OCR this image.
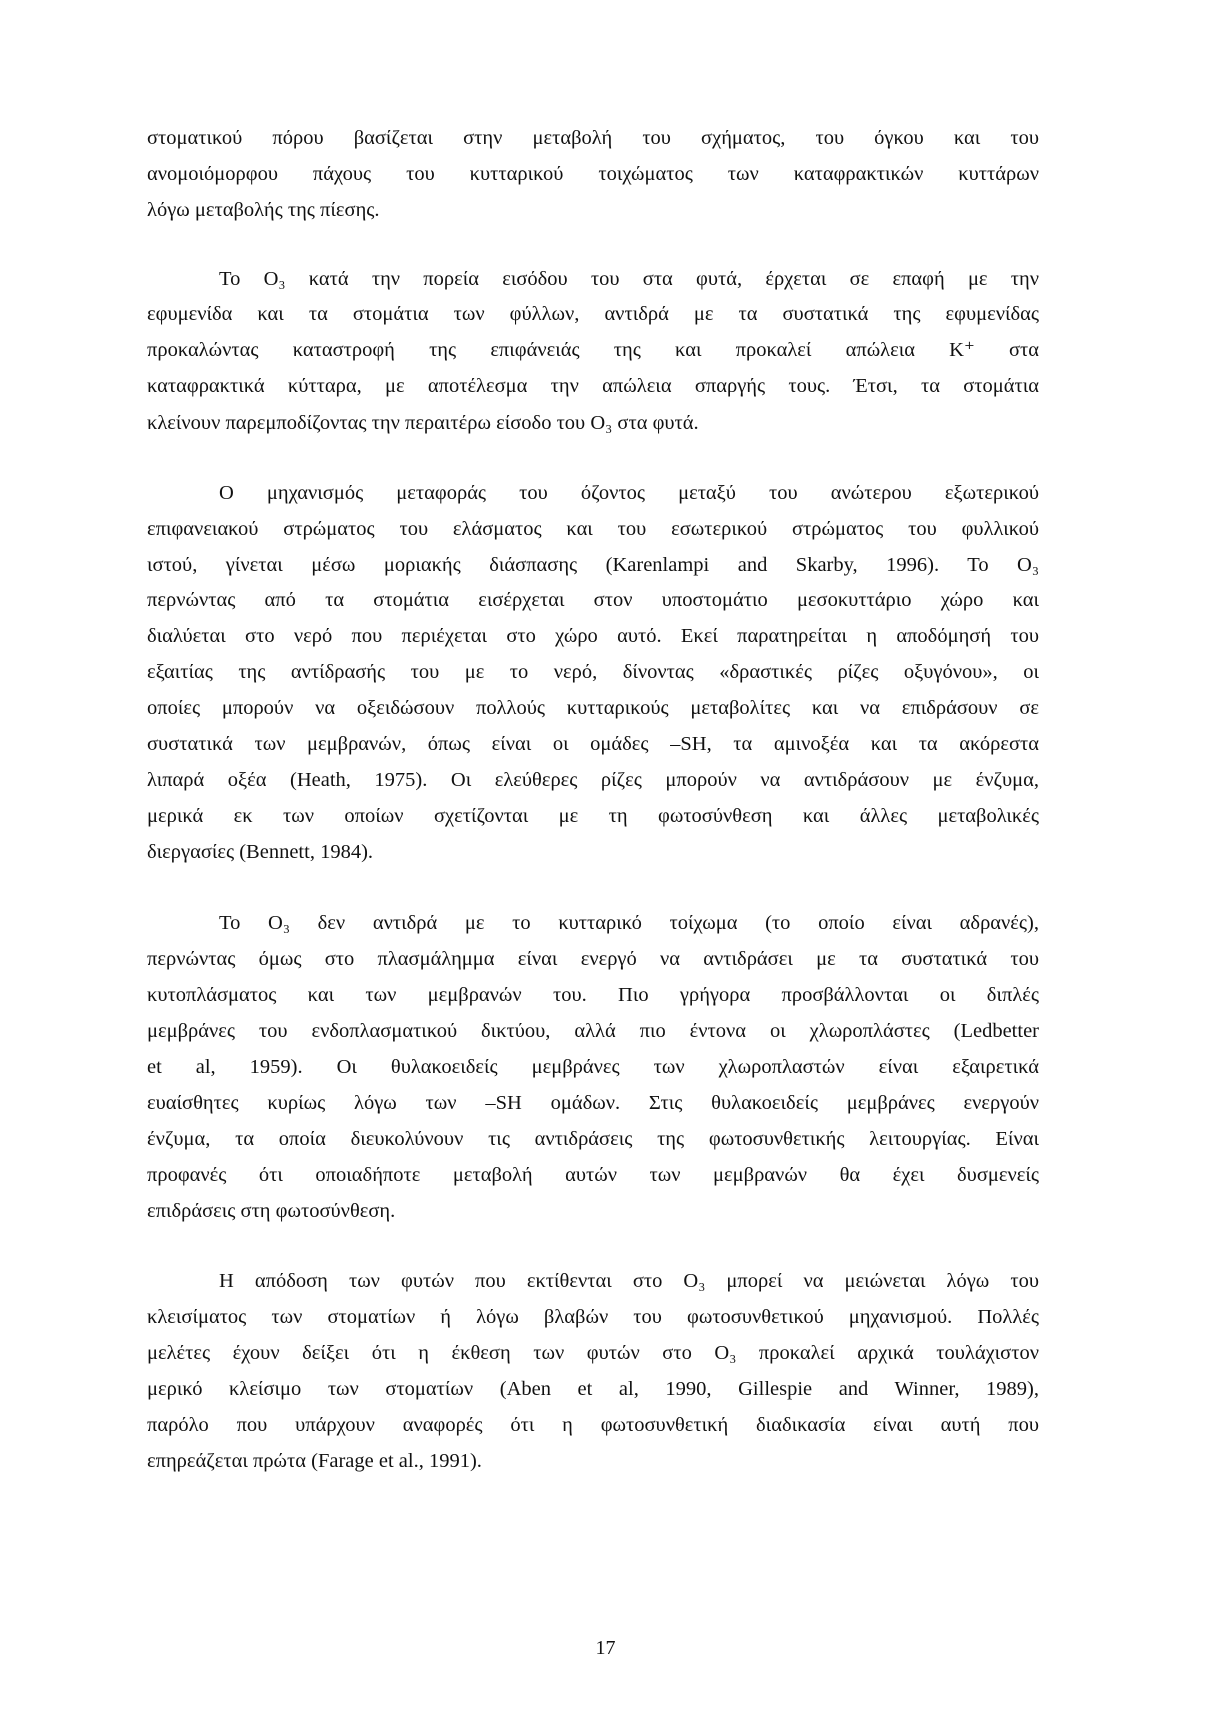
στοματικού πόρου βασίζεται στην μεταβολή του σχήματος, του όγκου και του
ανομοιόμορφου πάχους του κυτταρικού τοιχώματος των καταφρακτικών κυττάρων
λόγω μεταβολής της πίεσης.
Το O₃ κατά την πορεία εισόδου του στα φυτά, έρχεται σε επαφή με την
εφυμενίδα και τα στομάτια των φύλλων, αντιδρά με τα συστατικά της εφυμενίδας
προκαλώντας καταστροφή της επιφάνειάς της και προκαλεί απώλεια K⁺ στα
καταφρακτικά κύτταρα, με αποτέλεσμα την απώλεια σπαργής τους. Έτσι, τα στομάτια
κλείνουν παρεμποδίζοντας την περαιτέρω είσοδο του O₃ στα φυτά.
Ο μηχανισμός μεταφοράς του όζοντος μεταξύ του ανώτερου εξωτερικού
επιφανειακού στρώματος του ελάσματος και του εσωτερικού στρώματος του φυλλικού
ιστού, γίνεται μέσω μοριακής διάσπασης (Karenlampi and Skarby, 1996). Το O₃
περνώντας από τα στομάτια εισέρχεται στον υποστομάτιο μεσοκυττάριο χώρο και
διαλύεται στο νερό που περιέχεται στο χώρο αυτό. Εκεί παρατηρείται η αποδόμησή του
εξαιτίας της αντίδρασής του με το νερό, δίνοντας «δραστικές ρίζες οξυγόνου», οι
οποίες μπορούν να οξειδώσουν πολλούς κυτταρικούς μεταβολίτες και να επιδράσουν σε
συστατικά των μεμβρανών, όπως είναι οι ομάδες –SH, τα αμινοξέα και τα ακόρεστα
λιπαρά οξέα (Heath, 1975). Οι ελεύθερες ρίζες μπορούν να αντιδράσουν με ένζυμα,
μερικά εκ των οποίων σχετίζονται με τη φωτοσύνθεση και άλλες μεταβολικές
διεργασίες (Bennett, 1984).
Το O₃ δεν αντιδρά με το κυτταρικό τοίχωμα (το οποίο είναι αδρανές),
περνώντας όμως στο πλασμάλημμα είναι ενεργό να αντιδράσει με τα συστατικά του
κυτοπλάσματος και των μεμβρανών του. Πιο γρήγορα προσβάλλονται οι διπλές
μεμβράνες του ενδοπλασματικού δικτύου, αλλά πιο έντονα οι χλωροπλάστες (Ledbetter
et al, 1959). Οι θυλακοειδείς μεμβράνες των χλωροπλαστών είναι εξαιρετικά
ευαίσθητες κυρίως λόγω των –SH ομάδων. Στις θυλακοειδείς μεμβράνες ενεργούν
ένζυμα, τα οποία διευκολύνουν τις αντιδράσεις της φωτοσυνθετικής λειτουργίας. Είναι
προφανές ότι οποιαδήποτε μεταβολή αυτών των μεμβρανών θα έχει δυσμενείς
επιδράσεις στη φωτοσύνθεση.
Η απόδοση των φυτών που εκτίθενται στο O₃ μπορεί να μειώνεται λόγω του
κλεισίματος των στοματίων ή λόγω βλαβών του φωτοσυνθετικού μηχανισμού. Πολλές
μελέτες έχουν δείξει ότι η έκθεση των φυτών στο O₃ προκαλεί αρχικά τουλάχιστον
μερικό κλείσιμο των στοματίων (Aben et al, 1990, Gillespie and Winner, 1989),
παρόλο που υπάρχουν αναφορές ότι η φωτοσυνθετική διαδικασία είναι αυτή που
επηρεάζεται πρώτα (Farage et al., 1991).
17
